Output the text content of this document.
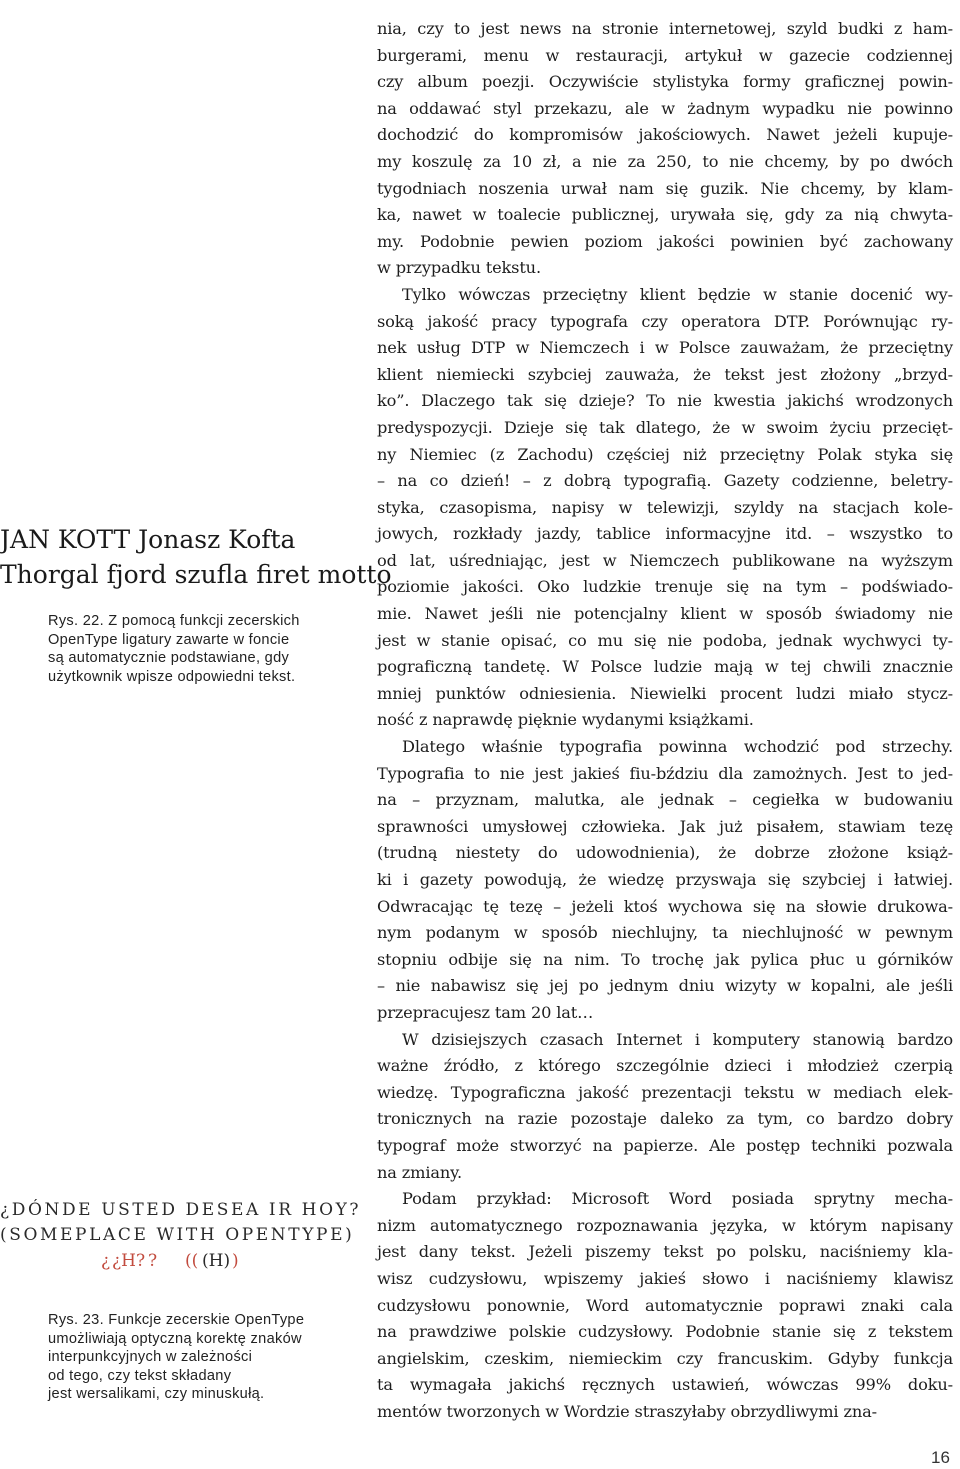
JAN KOTT Jonasz Kofta
Thorgal fjord szufla firet motto
Rys. 22. Z pomocą funkcji zecerskich
OpenType ligatury zawarte w foncie
są automatycznie podstawiane, gdy
użytkownik wpisze odpowiedni tekst.
¿DÓNDE USTED DESEA IR HOY?
(SOMEPLACE WITH OPENTYPE)
¿ ¿H? ? (( (H) )
Rys. 23. Funkcje zecerskie OpenType
umożliwiają optyczną korektę znaków
interpunkcyjnych w zależności
od tego, czy tekst składany
jest wersalikami, czy minuskułą.
nia, czy to jest news na stronie internetowej, szyld budki z ham-
burgerami, menu w restauracji, artykuł w gazecie codziennej
czy album poezji. Oczywiście stylistyka formy graficznej powin-
na oddawać styl przekazu, ale w żadnym wypadku nie powinno
dochodzić do kompromisów jakościowych. Nawet jeżeli kupuje-
my koszulę za 10 zł, a nie za 250, to nie chcemy, by po dwóch
tygodniach noszenia urwał nam się guzik. Nie chcemy, by klam-
ka, nawet w toalecie publicznej, urywała się, gdy za nią chwyta-
my. Podobnie pewien poziom jakości powinien być zachowany
w przypadku tekstu.
Tylko wówczas przeciętny klient będzie w stanie docenić wy-
soką jakość pracy typografa czy operatora DTP. Porównując ry-
nek usług DTP w Niemczech i w Polsce zauważam, że przeciętny
klient niemiecki szybciej zauważa, że tekst jest złożony „brzyd-
ko”. Dlaczego tak się dzieje? To nie kwestia jakichś wrodzonych
predyspozycji. Dzieje się tak dlatego, że w swoim życiu przecięt-
ny Niemiec (z Zachodu) częściej niż przeciętny Polak styka się
– na co dzień! – z dobrą typografią. Gazety codzienne, beletry-
styka, czasopisma, napisy w telewizji, szyldy na stacjach kole-
jowych, rozkłady jazdy, tablice informacyjne itd. – wszystko to
od lat, uśredniając, jest w Niemczech publikowane na wyższym
poziomie jakości. Oko ludzkie trenuje się na tym – podświado-
mie. Nawet jeśli nie potencjalny klient w sposób świadomy nie
jest w stanie opisać, co mu się nie podoba, jednak wychwyci ty-
pograficzną tandetę. W Polsce ludzie mają w tej chwili znacznie
mniej punktów odniesienia. Niewielki procent ludzi miało stycz-
ność z naprawdę pięknie wydanymi książkami.
Dlatego właśnie typografia powinna wchodzić pod strzechy.
Typografia to nie jest jakieś fiu-bździu dla zamożnych. Jest to jed-
na – przyznam, malutka, ale jednak – cegiełka w budowaniu
sprawności umysłowej człowieka. Jak już pisałem, stawiam tezę
(trudną niestety do udowodnienia), że dobrze złożone książ-
ki i gazety powodują, że wiedzę przyswaja się szybciej i łatwiej.
Odwracając tę tezę – jeżeli ktoś wychowa się na słowie drukowa-
nym podanym w sposób niechlujny, ta niechlujność w pewnym
stopniu odbije się na nim. To trochę jak pylica płuc u górników
– nie nabawisz się jej po jednym dniu wizyty w kopalni, ale jeśli
przepracujesz tam 20 lat…
W dzisiejszych czasach Internet i komputery stanowią bardzo
ważne źródło, z którego szczególnie dzieci i młodzież czerpią
wiedzę. Typograficzna jakość prezentacji tekstu w mediach elek-
tronicznych na razie pozostaje daleko za tym, co bardzo dobry
typograf może stworzyć na papierze. Ale postęp techniki pozwala
na zmiany.
Podam przykład: Microsoft Word posiada sprytny mecha-
nizm automatycznego rozpoznawania języka, w którym napisany
jest dany tekst. Jeżeli piszemy tekst po polsku, naciśniemy kla-
wisz cudzysłowu, wpiszemy jakieś słowo i naciśniemy klawisz
cudzysłowu ponownie, Word automatycznie poprawi znaki cala
na prawdziwe polskie cudzysłowy. Podobnie stanie się z tekstem
angielskim, czeskim, niemieckim czy francuskim. Gdyby funkcja
ta wymagała jakichś ręcznych ustawień, wówczas 99% doku-
mentów tworzonych w Wordzie straszyłaby obrzydliwymi zna-
16
